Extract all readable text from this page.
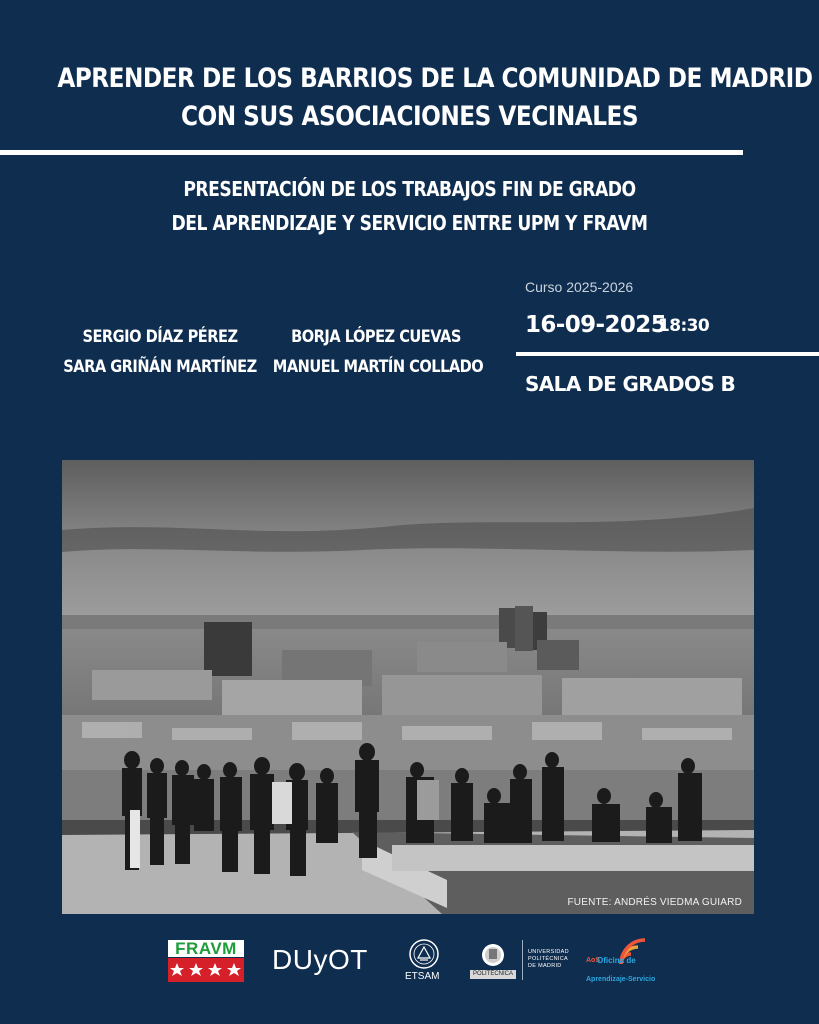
APRENDER DE LOS BARRIOS DE LA COMUNIDAD DE MADRID
CON SUS ASOCIACIONES VECINALES
PRESENTACIÓN DE LOS TRABAJOS FIN DE GRADO
DEL APRENDIZAJE Y SERVICIO ENTRE UPM Y FRAVM
SERGIO DÍAZ PÉREZ
SARA GRIÑÁN MARTÍNEZ
BORJA LÓPEZ CUEVAS
MANUEL MARTÍN COLLADO
Curso 2025-2026
16-09-2025
18:30
SALA DE GRADOS B
FUENTE: ANDRÉS VIEDMA GUIARD
FRAVM DUyOT
ETSAM	POLITÉCNICA
UNIVERSIDAD
POLITÉCNICA
DE MADRID
AoS
Oficina de
Aprendizaje-Servicio
